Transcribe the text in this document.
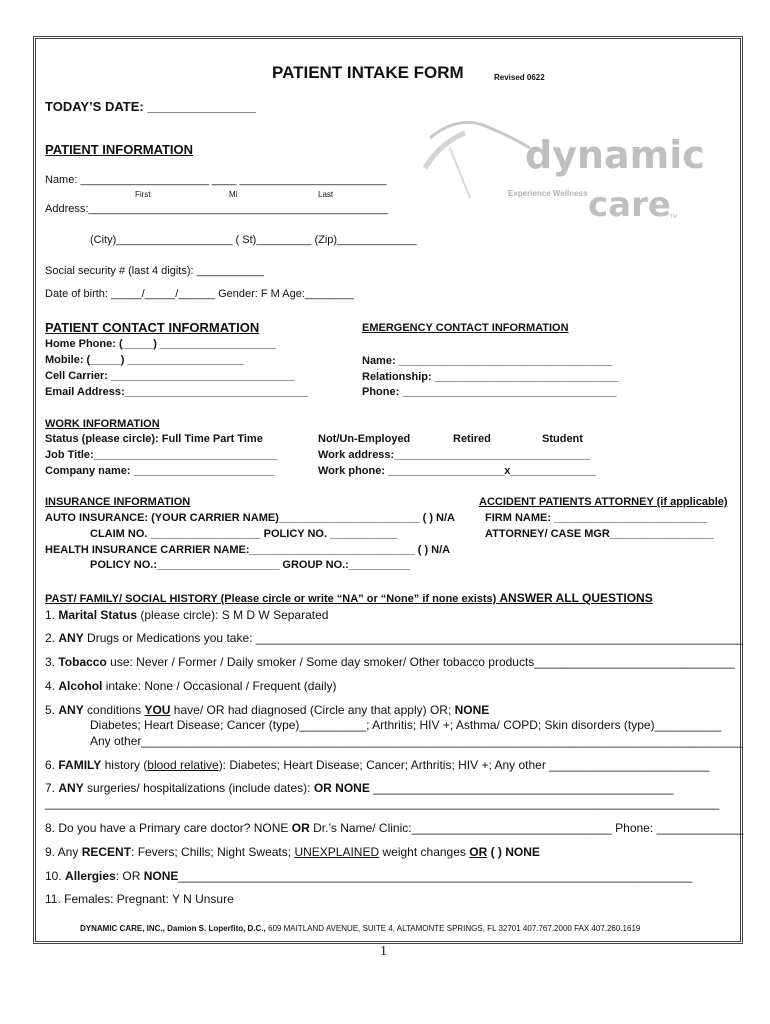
PATIENT INTAKE FORM	Revised 0622
TODAY’S DATE: _______________
dynamic
care
Experience Wellness
TM
PATIENT INFORMATION
Name: _____________________ ____ ________________________
First	Mi	Last
Address:_________________________________________________
(City)___________________ ( St)_________ (Zip)_____________
Social security # (last 4 digits): ___________
Date of birth: _____/_____/______ Gender: F M Age:________
PATIENT CONTACT INFORMATION
Home Phone: (_____) ___________________
Mobile: (_____) ___________________
Cell Carrier: ______________________________
Email Address:______________________________
EMERGENCY CONTACT INFORMATION
Name: ___________________________________
Relationship: ______________________________
Phone: ___________________________________
WORK INFORMATION
Status (please circle): Full Time Part Time	Not/Un-Employed	Retired	Student
Job Title:______________________________
Company name: _______________________
Work address:________________________________
Work phone: ___________________x______________
INSURANCE INFORMATION
AUTO INSURANCE: (YOUR CARRIER NAME)_______________________ ( ) N/A
CLAIM NO. __________________ POLICY NO. ___________
HEALTH INSURANCE CARRIER NAME:___________________________ ( ) N/A
POLICY NO.:____________________ GROUP NO.:__________
ACCIDENT PATIENTS ATTORNEY (if applicable)
FIRM NAME: _________________________
ATTORNEY/ CASE MGR_________________
PAST/ FAMILY/ SOCIAL HISTORY (Please circle or write “NA” or “None” if none exists) ANSWER ALL QUESTIONS
1. Marital Status (please circle): S M D W Separated
2. ANY Drugs or Medications you take: _________________________________________________________________________
3. Tobacco use: Never / Former / Daily smoker / Some day smoker/ Other tobacco products______________________________
4. Alcohol intake: None / Occasional / Frequent (daily)
5. ANY conditions YOU have/ OR had diagnosed (Circle any that apply) OR; NONE
Diabetes; Heart Disease; Cancer (type)__________; Arthritis; HIV +; Asthma/ COPD; Skin disorders (type)__________
Any other__________________________________________________________________________________________
6. FAMILY history (blood relative): Diabetes; Heart Disease; Cancer; Arthritis; HIV +; Any other ________________________
7. ANY surgeries/ hospitalizations (include dates): OR NONE _____________________________________________
_____________________________________________________________________________________________________
8. Do you have a Primary care doctor? NONE OR Dr.’s Name/ Clinic:______________________________ Phone: _____________
9. Any RECENT: Fevers; Chills; Night Sweats; UNEXPLAINED weight changes OR ( ) NONE
10. Allergies: OR NONE_____________________________________________________________________________
11. Females: Pregnant: Y N Unsure
DYNAMIC CARE, INC., Damion S. Loperfito, D.C., 609 MAITLAND AVENUE, SUITE 4, ALTAMONTE SPRINGS, FL 32701 407.767.2000 FAX 407.260.1619
1
